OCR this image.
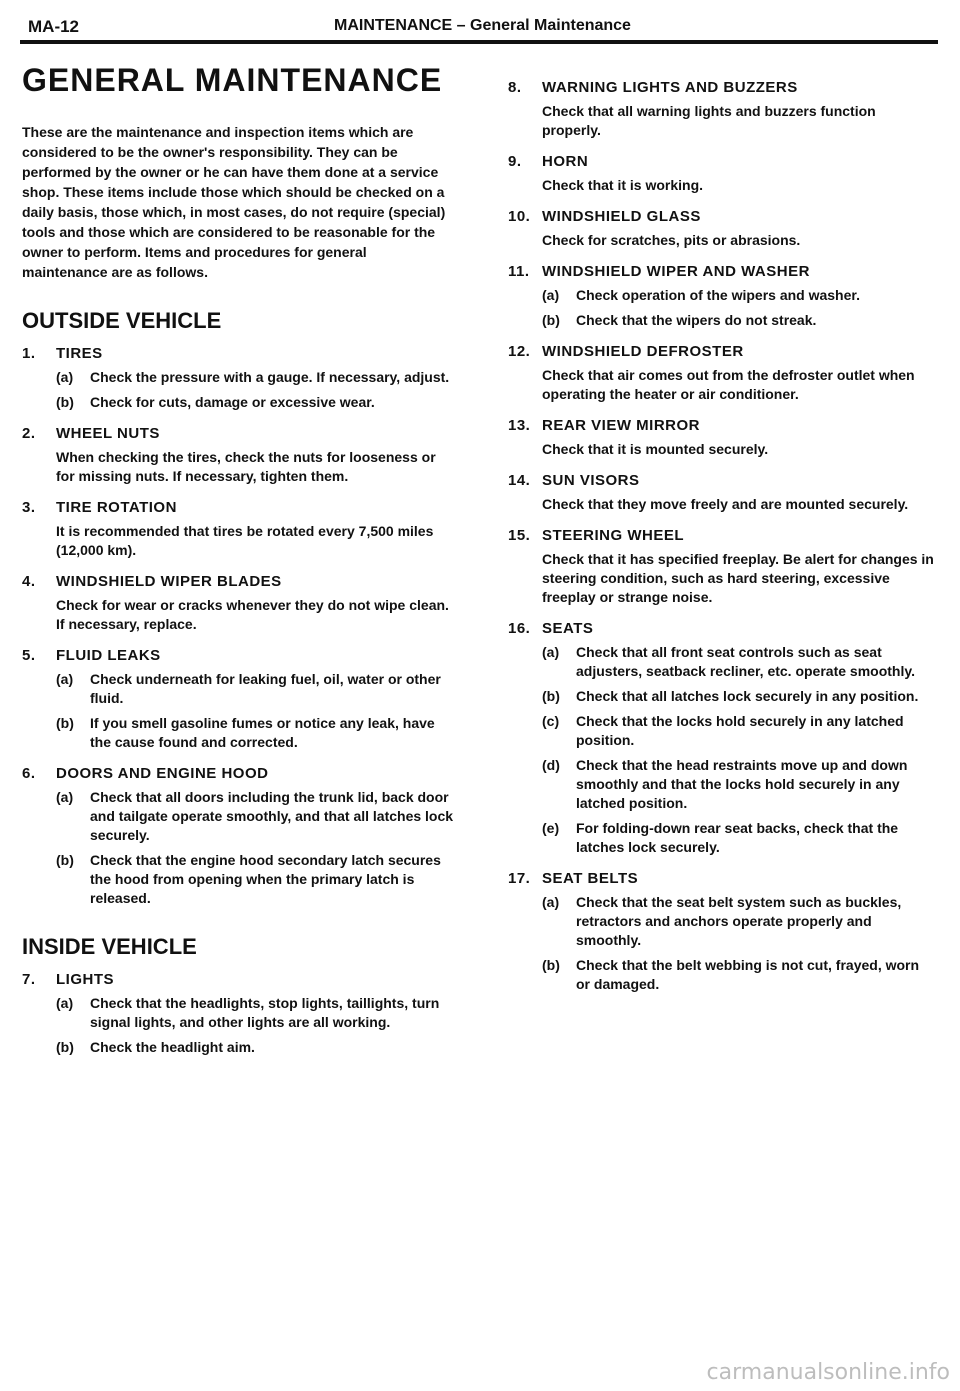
MA-12	MAINTENANCE – General Maintenance
GENERAL MAINTENANCE

These are the maintenance and inspection items which are considered to be the owner's responsibility. They can be performed by the owner or he can have them done at a service shop. These items include those which should be checked on a daily basis, those which, in most cases, do not require (special) tools and those which are considered to be reasonable for the owner to perform. Items and procedures for general maintenance are as follows.

OUTSIDE VEHICLE
1.	TIRES
(a)	Check the pressure with a gauge. If necessary, adjust.
(b)	Check for cuts, damage or excessive wear.
2.	WHEEL NUTS
When checking the tires, check the nuts for looseness or for missing nuts. If necessary, tighten them.
3.	TIRE ROTATION
It is recommended that tires be rotated every 7,500 miles (12,000 km).
4.	WINDSHIELD WIPER BLADES
Check for wear or cracks whenever they do not wipe clean. If necessary, replace.
5.	FLUID LEAKS
(a)	Check underneath for leaking fuel, oil, water or other fluid.
(b)	If you smell gasoline fumes or notice any leak, have the cause found and corrected.
6.	DOORS AND ENGINE HOOD
(a)	Check that all doors including the trunk lid, back door and tailgate operate smoothly, and that all latches lock securely.
(b)	Check that the engine hood secondary latch secures the hood from opening when the primary latch is released.
INSIDE VEHICLE
7.	LIGHTS
(a)	Check that the headlights, stop lights, taillights, turn signal lights, and other lights are all working.
(b)	Check the headlight aim.
8.	WARNING LIGHTS AND BUZZERS
Check that all warning lights and buzzers function properly.
9.	HORN
Check that it is working.
10. WINDSHIELD GLASS
Check for scratches, pits or abrasions.
11. WINDSHIELD WIPER AND WASHER
(a)	Check operation of the wipers and washer.
(b)	Check that the wipers do not streak.
12. WINDSHIELD DEFROSTER
Check that air comes out from the defroster outlet when operating the heater or air conditioner.
13. REAR VIEW MIRROR
Check that it is mounted securely.
14. SUN VISORS
Check that they move freely and are mounted securely.
15. STEERING WHEEL
Check that it has specified freeplay. Be alert for changes in steering condition, such as hard steering, excessive freeplay or strange noise.
16. SEATS
(a)	Check that all front seat controls such as seat adjusters, seatback recliner, etc. operate smoothly.
(b)	Check that all latches lock securely in any position.
(c)	Check that the locks hold securely in any latched position.
(d)	Check that the head restraints move up and down smoothly and that the locks hold securely in any latched position.
(e)	For folding-down rear seat backs, check that the latches lock securely.
17. SEAT BELTS
(a)	Check that the seat belt system such as buckles, retractors and anchors operate properly and smoothly.
(b)	Check that the belt webbing is not cut, frayed, worn or damaged.
carmanualsonline.info
